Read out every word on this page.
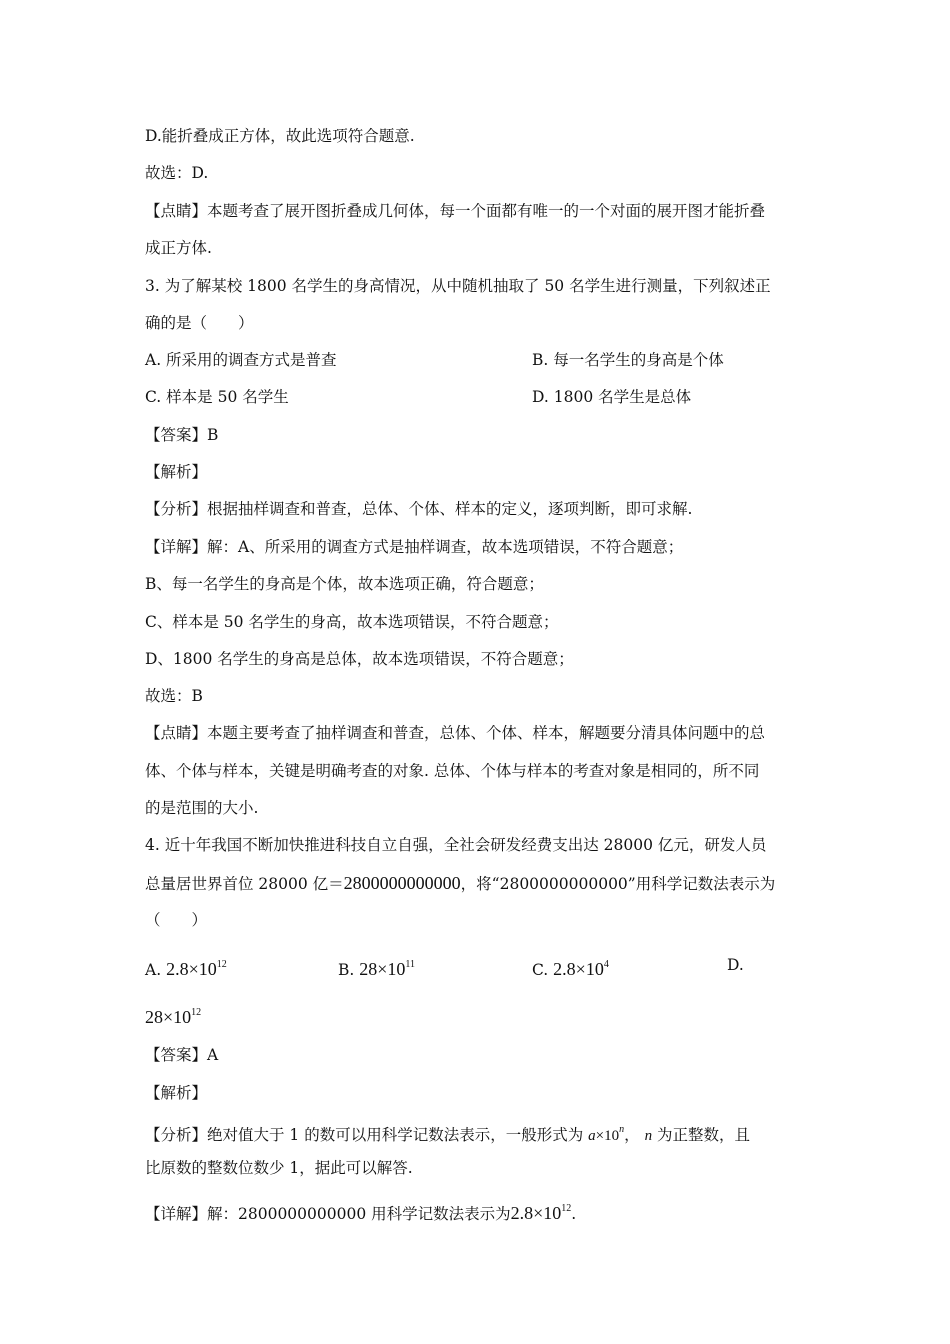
D.能折叠成正方体，故此选项符合题意.
故选：D.
【点睛】本题考查了展开图折叠成几何体，每一个面都有唯一的一个对面的展开图才能折叠
成正方体.
3. 为了解某校 1800 名学生的身高情况，从中随机抽取了 50 名学生进行测量，下列叙述正
确的是（　　）
A. 所采用的调查方式是普查	B. 每一名学生的身高是个体
C. 样本是 50 名学生	D. 1800 名学生是总体
【答案】B
【解析】
【分析】根据抽样调查和普查，总体、个体、样本的定义，逐项判断，即可求解.
【详解】解：A、所采用的调查方式是抽样调查，故本选项错误，不符合题意；
B、每一名学生的身高是个体，故本选项正确，符合题意；
C、样本是 50 名学生的身高，故本选项错误，不符合题意；
D、1800 名学生的身高是总体，故本选项错误，不符合题意；
故选：B
【点睛】本题主要考查了抽样调查和普查，总体、个体、样本，解题要分清具体问题中的总
体、个体与样本，关键是明确考查的对象. 总体、个体与样本的考查对象是相同的，所不同
的是范围的大小.
4. 近十年我国不断加快推进科技自立自强，全社会研发经费支出达 28000 亿元，研发人员
总量居世界首位 28000 亿＝2800000000000，将“2800000000000”用科学记数法表示为
（　　）
A. $2.8\times 10^{12}$	B. $28\times 10^{11}$	C. $2.8\times 10^4$	D.
$28\times 10^{12}$
【答案】A
【解析】
【分析】绝对值大于 1 的数可以用科学记数法表示，一般形式为 $a\times 10^n$， n 为正整数，且
比原数的整数位数少 1，据此可以解答.
【详解】解：2800000000000 用科学记数法表示为$2.8\times 10^{12}$.
